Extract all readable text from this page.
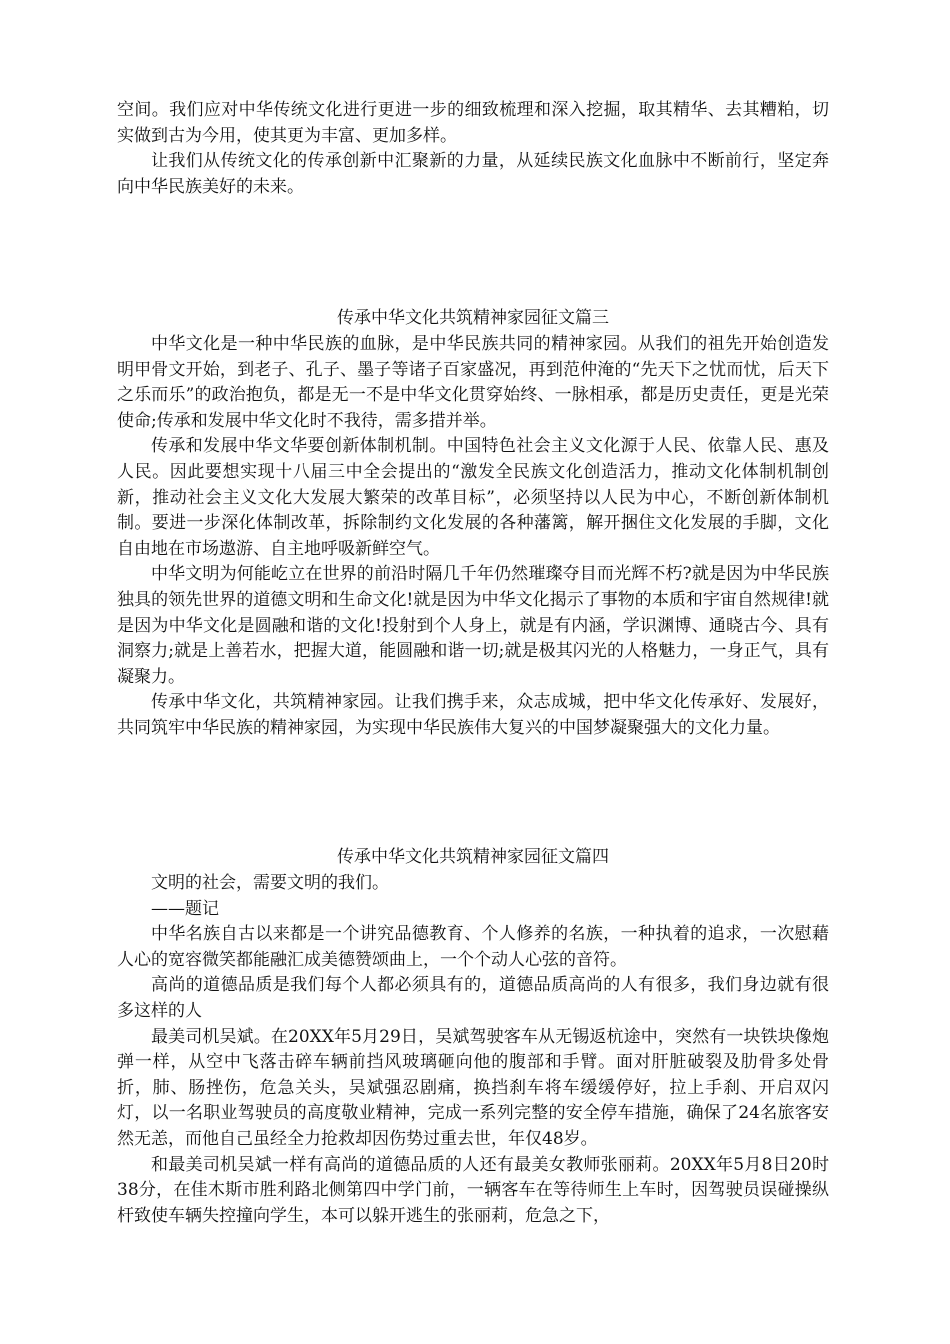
空间。我们应对中华传统文化进行更进一步的细致梳理和深入挖掘，取其精华、去其糟粕，切实做到古为今用，使其更为丰富、更加多样。

让我们从传统文化的传承创新中汇聚新的力量，从延续民族文化血脉中不断前行，坚定奔向中华民族美好的未来。

传承中华文化共筑精神家园征文篇三

中华文化是一种中华民族的血脉，是中华民族共同的精神家园。从我们的祖先开始创造发明甲骨文开始，到老子、孔子、墨子等诸子百家盛况，再到范仲淹的“先天下之忧而忧，后天下之乐而乐”的政治抱负，都是无一不是中华文化贯穿始终、一脉相承，都是历史责任，更是光荣使命;传承和发展中华文化时不我待，需多措并举。

传承和发展中华文华要创新体制机制。中国特色社会主义文化源于人民、依靠人民、惠及人民。因此要想实现十八届三中全会提出的“激发全民族文化创造活力，推动文化体制机制创新，推动社会主义文化大发展大繁荣的改革目标”，必须坚持以人民为中心，不断创新体制机制。要进一步深化体制改革，拆除制约文化发展的各种藩篱，解开捆住文化发展的手脚，文化自由地在市场遨游、自主地呼吸新鲜空气。

中华文明为何能屹立在世界的前沿时隔几千年仍然璀璨夺目而光辉不朽?就是因为中华民族独具的领先世界的道德文明和生命文化!就是因为中华文化揭示了事物的本质和宇宙自然规律!就是因为中华文化是圆融和谐的文化!投射到个人身上，就是有内涵，学识渊博、通晓古今、具有洞察力;就是上善若水，把握大道，能圆融和谐一切;就是极其闪光的人格魅力，一身正气，具有凝聚力。

传承中华文化，共筑精神家园。让我们携手来，众志成城，把中华文化传承好、发展好，共同筑牢中华民族的精神家园，为实现中华民族伟大复兴的中国梦凝聚强大的文化力量。

传承中华文化共筑精神家园征文篇四

文明的社会，需要文明的我们。

——题记

中华名族自古以来都是一个讲究品德教育、个人修养的名族，一种执着的追求，一次慰藉人心的宽容微笑都能融汇成美德赞颂曲上，一个个动人心弦的音符。

高尚的道德品质是我们每个人都必须具有的，道德品质高尚的人有很多，我们身边就有很多这样的人

最美司机吴斌。在20XX年5月29日，吴斌驾驶客车从无锡返杭途中，突然有一块铁块像炮弹一样，从空中飞落击碎车辆前挡风玻璃砸向他的腹部和手臂。面对肝脏破裂及肋骨多处骨折，肺、肠挫伤，危急关头，吴斌强忍剧痛，换挡刹车将车缓缓停好，拉上手刹、开启双闪灯，以一名职业驾驶员的高度敬业精神，完成一系列完整的安全停车措施，确保了24名旅客安然无恙，而他自己虽经全力抢救却因伤势过重去世，年仅48岁。

和最美司机吴斌一样有高尚的道德品质的人还有最美女教师张丽莉。20XX年5月8日20时38分，在佳木斯市胜利路北侧第四中学门前，一辆客车在等待师生上车时，因驾驶员误碰操纵杆致使车辆失控撞向学生，本可以躲开逃生的张丽莉，危急之下，
